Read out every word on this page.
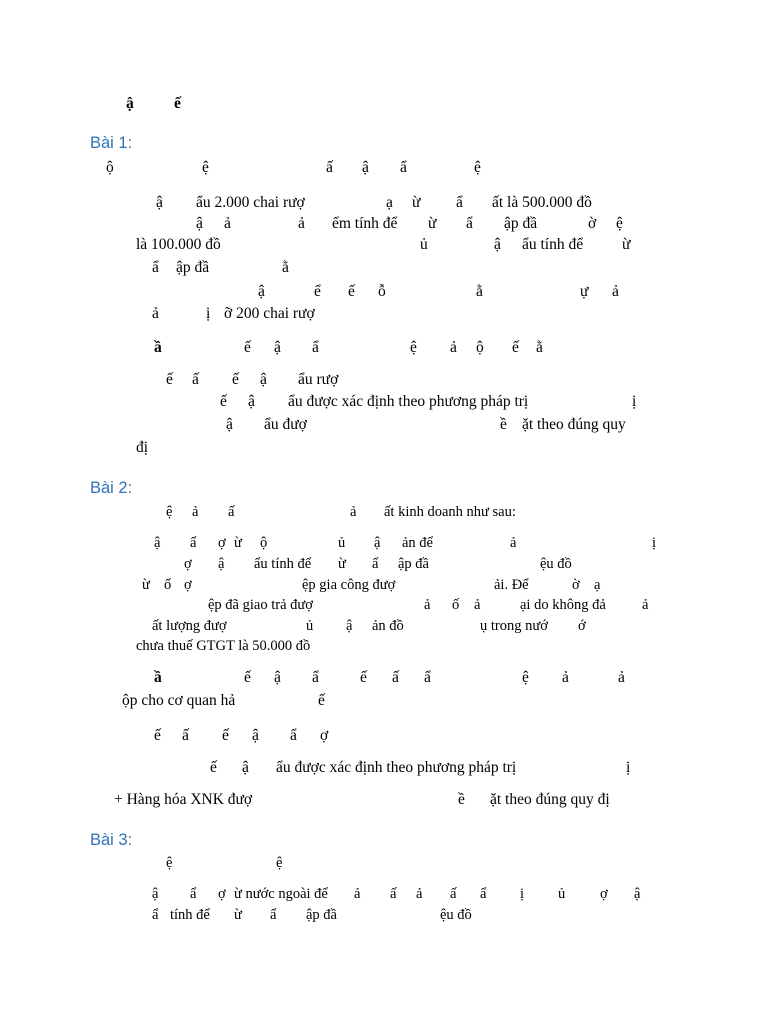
ậ	ế
Bài 1:
ộ	ệ	ấ ậ ẩ	ệ
ậ ẩu 2.000 chai rượ	ạ ừ ẩ ất là 500.000 đồ
ậ ả	ả ểm tính để ừ ẩ ập đầ	ờ ệ
là 100.000 đồ	ủ	ậ ẩu tính để	ừ
ẩ ập đầ	ằ
ậ	ể ế ỗ	ằ	ự ả
ả	ị ỡ 200 chai rượ
ầ	ế ậ ẩ	ệ ả ộ ế ằ
ế ấ ế ậ ẩu rượ
ế ậ ẩu được xác định theo phương pháp trị	ị
ậ ẩu đượ	ề ặt theo đúng quy
đị
Bài 2:
ệ ả ấ	ả ất kinh doanh như sau:
ậ ẩ ợ ừ ộ	ủ ậ ản để	ả	ị
ợ ậ ẩu tính để ừ ẩ ập đầ	ệu đồ
ừ ố ợ	ệp gia công đượ	ải. Để	ờ ạ
ệp đã giao trả đượ	ả ố ả	ại do không đả ả
ất lượng đượ	ủ ậ ản đồ	ụ trong nướ ớ
chưa thuế GTGT là 50.000 đồ
ầ	ế ậ ẩ	ế ấ ẩ	ệ ả	ả
ộp cho cơ quan hả	ế
ế ấ ế ậ ẩ ợ
ế ậ ẩu được xác định theo phương pháp trị	ị
+ Hàng hóa XNK đượ	ề ặt theo đúng quy đị
Bài 3:
ệ	ệ
ậ ẩ ợ ừ nước ngoài để ả ấ ả ấ ẩ ị ủ ợ ậ
ẩ tính để ừ ẩ ập đầ	ệu đồ
